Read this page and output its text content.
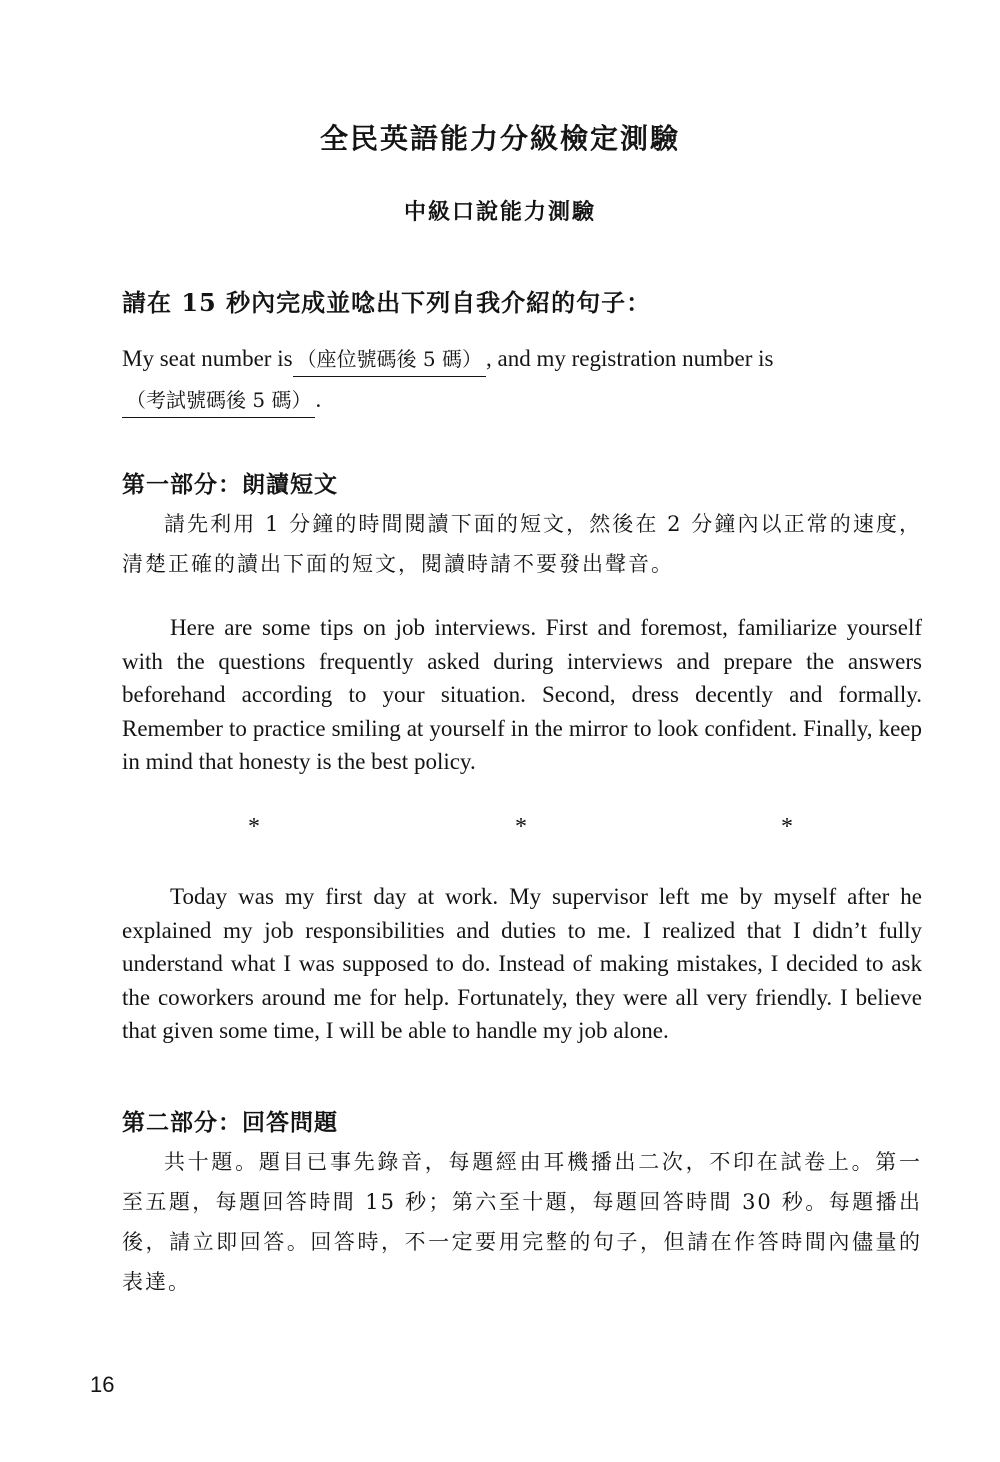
全民英語能力分級檢定測驗
中級口說能力測驗
請在 15 秒內完成並唸出下列自我介紹的句子：
My seat number is （座位號碼後 5 碼） , and my registration number is
（考試號碼後 5 碼） .
第一部分：朗讀短文
請先利用 1 分鐘的時間閱讀下面的短文，然後在 2 分鐘內以正常的速度，清楚正確的讀出下面的短文，閱讀時請不要發出聲音。
Here are some tips on job interviews. First and foremost, familiarize yourself with the questions frequently asked during interviews and prepare the answers beforehand according to your situation. Second, dress decently and formally. Remember to practice smiling at yourself in the mirror to look confident. Finally, keep in mind that honesty is the best policy.
*	*	*
Today was my first day at work. My supervisor left me by myself after he explained my job responsibilities and duties to me. I realized that I didn’t fully understand what I was supposed to do. Instead of making mistakes, I decided to ask the coworkers around me for help. Fortunately, they were all very friendly. I believe that given some time, I will be able to handle my job alone.
第二部分：回答問題
共十題。題目已事先錄音，每題經由耳機播出二次，不印在試卷上。第一至五題，每題回答時間 15 秒；第六至十題，每題回答時間 30 秒。每題播出後，請立即回答。回答時，不一定要用完整的句子，但請在作答時間內儘量的表達。
16
